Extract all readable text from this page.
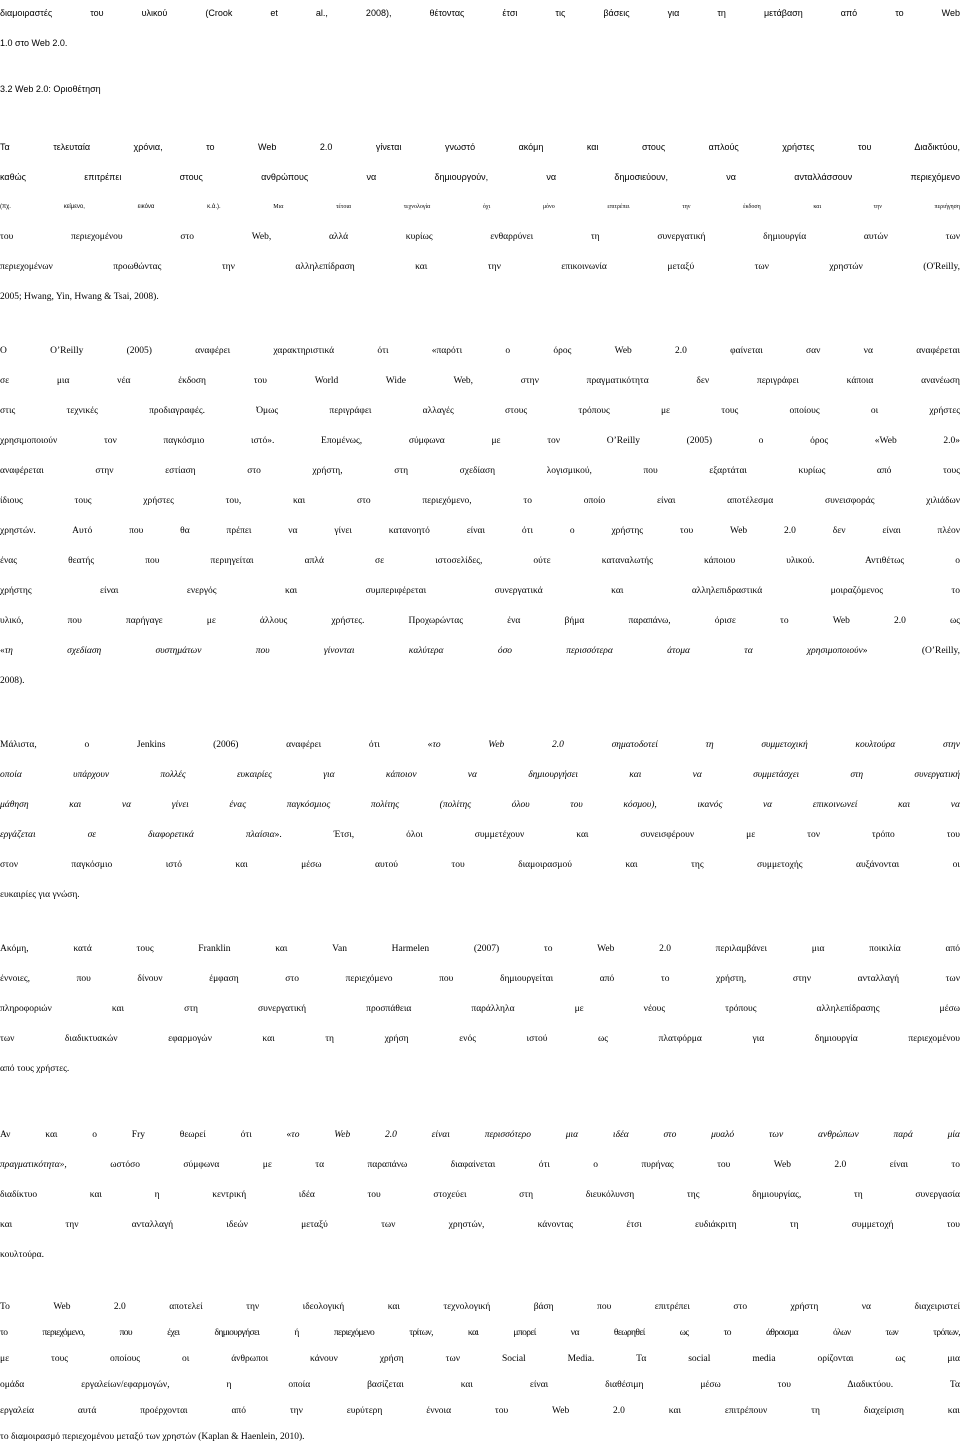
διαμοιραστές του υλικού (Crook et al., 2008), θέτοντας έτσι τις βάσεις για τη μετάβαση από το Web
1.0 στο Web 2.0.
3.2 Web 2.0: Οριοθέτηση
Τα τελευταία χρόνια, το Web 2.0 γίνεται γνωστό ακόμη και στους απλούς χρήστες του Διαδικτύου,
καθώς επιτρέπει στους ανθρώπους να δημιουργούν, να δημοσιεύουν, να ανταλλάσσουν περιεχόμενο
(πχ. κείμενο, εικόνα κ.ά.). Μια τέτοια τεχνολογία όχι μόνο επιτρέπει την έκδοση και την περιήγηση
του περιεχομένου στο Web, αλλά κυρίως ενθαρρύνει τη συνεργατική δημιουργία αυτών των
περιεχομένων προωθώντας την αλληλεπίδραση και την επικοινωνία μεταξύ των χρηστών (O'Reilly,
2005; Hwang, Yin, Hwang & Tsai, 2008).
Ο O’Reilly (2005) αναφέρει χαρακτηριστικά ότι «παρότι ο όρος Web 2.0 φαίνεται σαν να αναφέρεται
σε μια νέα έκδοση του World Wide Web, στην πραγματικότητα δεν περιγράφει κάποια ανανέωση
στις τεχνικές προδιαγραφές. Όμως περιγράφει αλλαγές στους τρόπους με τους οποίους οι χρήστες
χρησιμοποιούν τον παγκόσμιο ιστό». Επομένως, σύμφωνα με τον O’Reilly (2005) ο όρος «Web 2.0»
αναφέρεται στην εστίαση στο χρήστη, στη σχεδίαση λογισμικού, που εξαρτάται κυρίως από τους
ίδιους τους χρήστες του, και στο περιεχόμενο, το οποίο είναι αποτέλεσμα συνεισφοράς χιλιάδων
χρηστών. Αυτό που θα πρέπει να γίνει κατανοητό είναι ότι ο χρήστης του Web 2.0 δεν είναι πλέον
ένας θεατής που περιηγείται απλά σε ιστοσελίδες, ούτε καταναλωτής κάποιου υλικού. Αντιθέτως ο
χρήστης είναι ενεργός και συμπεριφέρεται συνεργατικά και αλληλεπιδραστικά μοιραζόμενος το
υλικό, που παρήγαγε με άλλους χρήστες. Προχωρώντας ένα βήμα παραπάνω, όρισε το Web 2.0 ως
«τη σχεδίαση συστημάτων που γίνονται καλύτερα όσο περισσότερα άτομα τα χρησιμοποιούν» (O’Reilly,
2008).
Μάλιστα, ο Jenkins (2006) αναφέρει ότι «το Web 2.0 σηματοδοτεί τη συμμετοχική κουλτούρα στην
οποία υπάρχουν πολλές ευκαιρίες για κάποιον να δημιουργήσει και να συμμετάσχει στη συνεργατική
μάθηση και να γίνει ένας παγκόσμιος πολίτης (πολίτης όλου του κόσμου), ικανός να επικοινωνεί και να
εργάζεται σε διαφορετικά πλαίσια». Έτσι, όλοι συμμετέχουν και συνεισφέρουν με τον τρόπο του
στον παγκόσμιο ιστό και μέσω αυτού του διαμοιρασμού και της συμμετοχής αυξάνονται οι
ευκαιρίες για γνώση.
Ακόμη, κατά τους Franklin και Van Harmelen (2007) το Web 2.0 περιλαμβάνει μια ποικιλία από
έννοιες, που δίνουν έμφαση στο περιεχόμενο που δημιουργείται από το χρήστη, στην ανταλλαγή των
πληροφοριών και στη συνεργατική προσπάθεια παράλληλα με νέους τρόπους αλληλεπίδρασης μέσω
των διαδικτυακών εφαρμογών και τη χρήση ενός ιστού ως πλατφόρμα για δημιουργία περιεχομένου
από τους χρήστες.
Αν και ο Fry θεωρεί ότι «το Web 2.0 είναι περισσότερο μια ιδέα στο μυαλό των ανθρώπων παρά μία
πραγματικότητα», ωστόσο σύμφωνα με τα παραπάνω διαφαίνεται ότι ο πυρήνας του Web 2.0 είναι το
διαδίκτυο και η κεντρική ιδέα του στοχεύει στη διευκόλυνση της δημιουργίας, τη συνεργασία
και την ανταλλαγή ιδεών μεταξύ των χρηστών, κάνοντας έτσι ευδιάκριτη τη συμμετοχή του
κουλτούρα.
Το Web 2.0 αποτελεί την ιδεολογική και τεχνολογική βάση που επιτρέπει στο χρήστη να διαχειριστεί
το περιεχόμενο, που έχει δημιουργήσει ή περιεχόμενο τρίτων, και μπορεί να θεωρηθεί ως το άθροισμα όλων των τρόπων,
με τους οποίους οι άνθρωποι κάνουν χρήση των Social Media. Τα social media ορίζονται ως μια
ομάδα εργαλείων/εφαρμογών, η οποία βασίζεται και είναι διαθέσιμη μέσω του Διαδικτύου. Τα
εργαλεία αυτά προέρχονται από την ευρύτερη έννοια του Web 2.0 και επιτρέπουν τη διαχείριση και
το διαμοιρασμό περιεχομένου μεταξύ των χρηστών (Kaplan & Haenlein, 2010).
